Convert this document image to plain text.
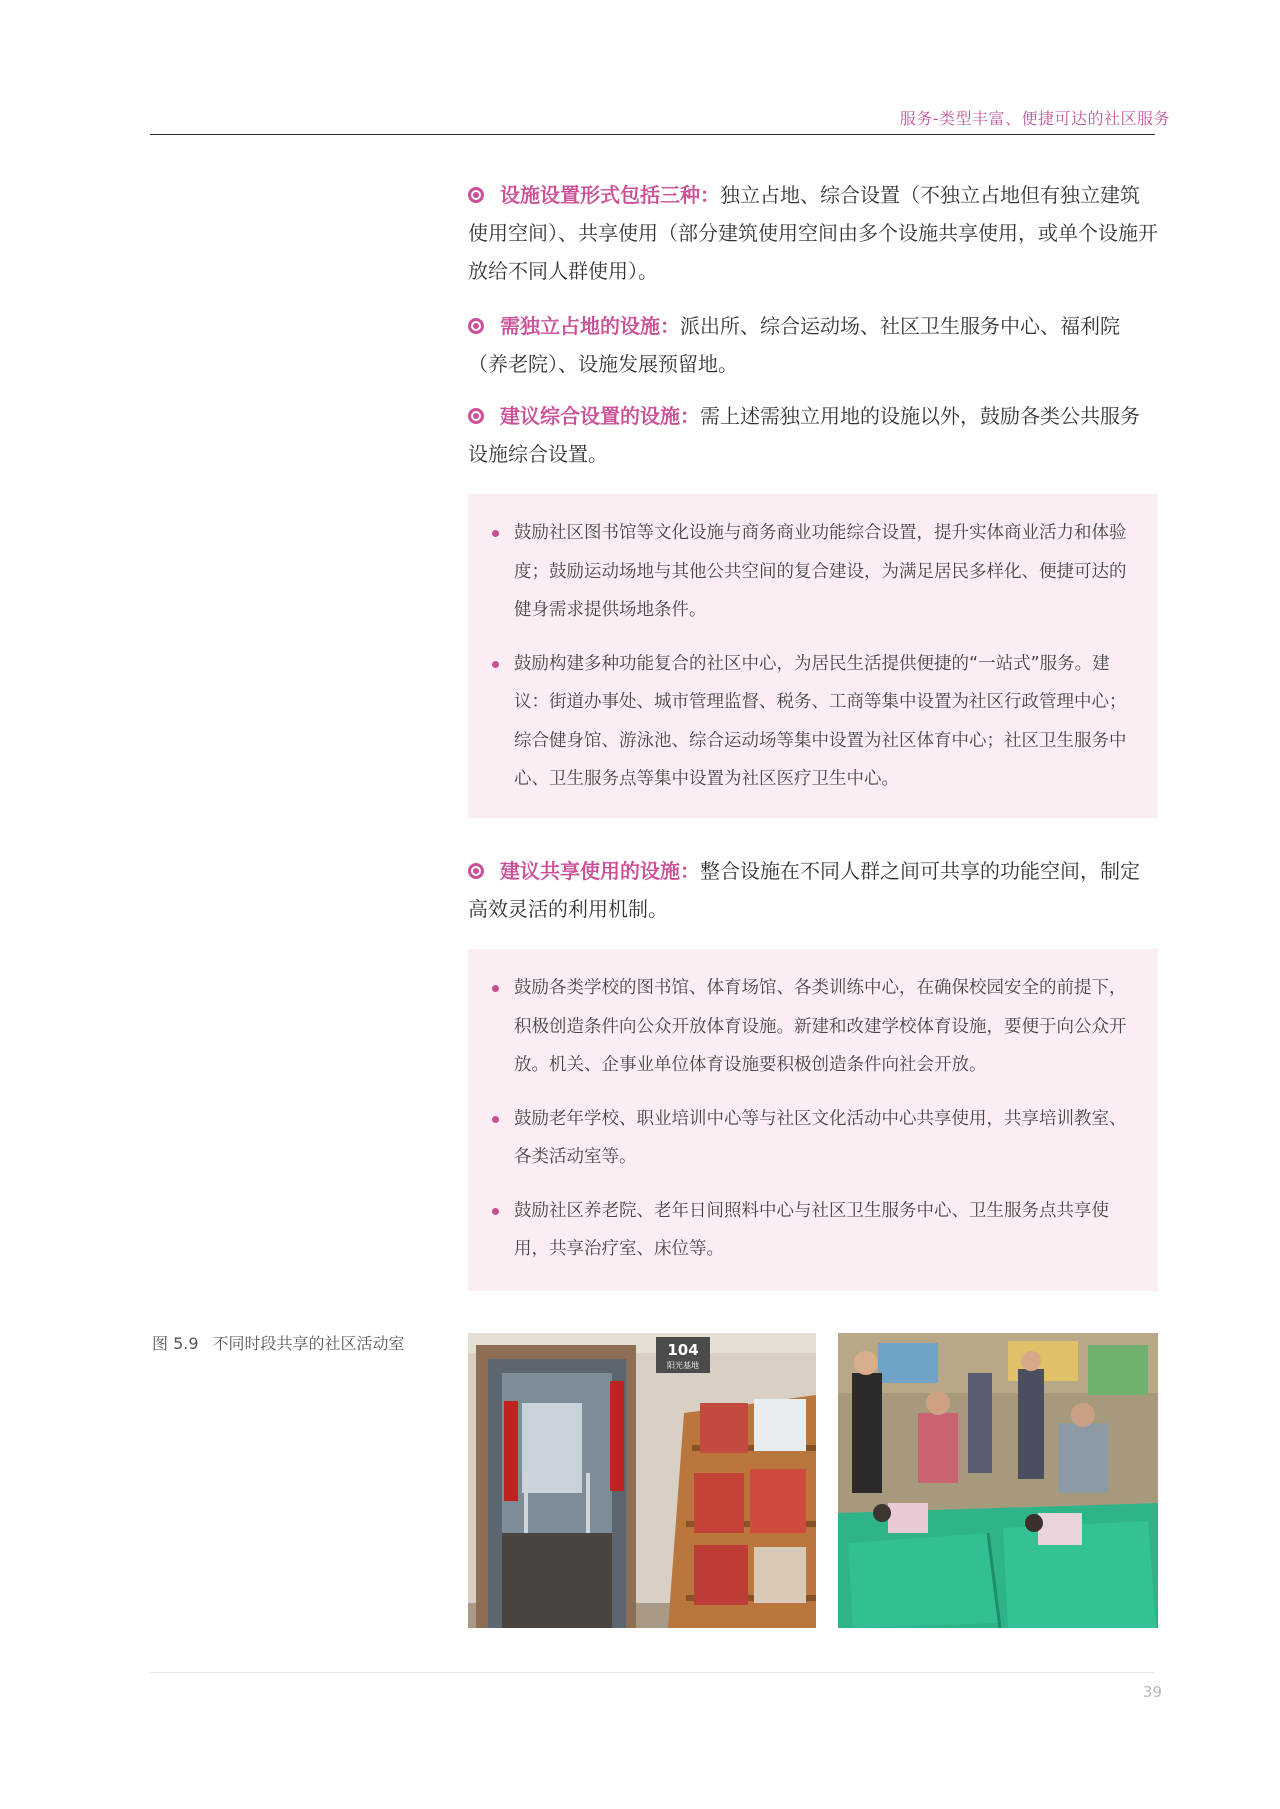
服务-类型丰富、便捷可达的社区服务
设施设置形式包括三种：独立占地、综合设置（不独立占地但有独立建筑使用空间）、共享使用（部分建筑使用空间由多个设施共享使用，或单个设施开放给不同人群使用）。
需独立占地的设施：派出所、综合运动场、社区卫生服务中心、福利院（养老院）、设施发展预留地。
建议综合设置的设施：需上述需独立用地的设施以外，鼓励各类公共服务设施综合设置。
鼓励社区图书馆等文化设施与商务商业功能综合设置，提升实体商业活力和体验度；鼓励运动场地与其他公共空间的复合建设，为满足居民多样化、便捷可达的健身需求提供场地条件。
鼓励构建多种功能复合的社区中心，为居民生活提供便捷的“一站式”服务。建议：街道办事处、城市管理监督、税务、工商等集中设置为社区行政管理中心；综合健身馆、游泳池、综合运动场等集中设置为社区体育中心；社区卫生服务中心、卫生服务点等集中设置为社区医疗卫生中心。
建议共享使用的设施：整合设施在不同人群之间可共享的功能空间，制定高效灵活的利用机制。
鼓励各类学校的图书馆、体育场馆、各类训练中心，在确保校园安全的前提下，积极创造条件向公众开放体育设施。新建和改建学校体育设施，要便于向公众开放。机关、企事业单位体育设施要积极创造条件向社会开放。
鼓励老年学校、职业培训中心等与社区文化活动中心共享使用，共享培训教室、各类活动室等。
鼓励社区养老院、老年日间照料中心与社区卫生服务中心、卫生服务点共享使用，共享治疗室、床位等。
图 5.9 不同时段共享的社区活动室	104
阳光基地
39
